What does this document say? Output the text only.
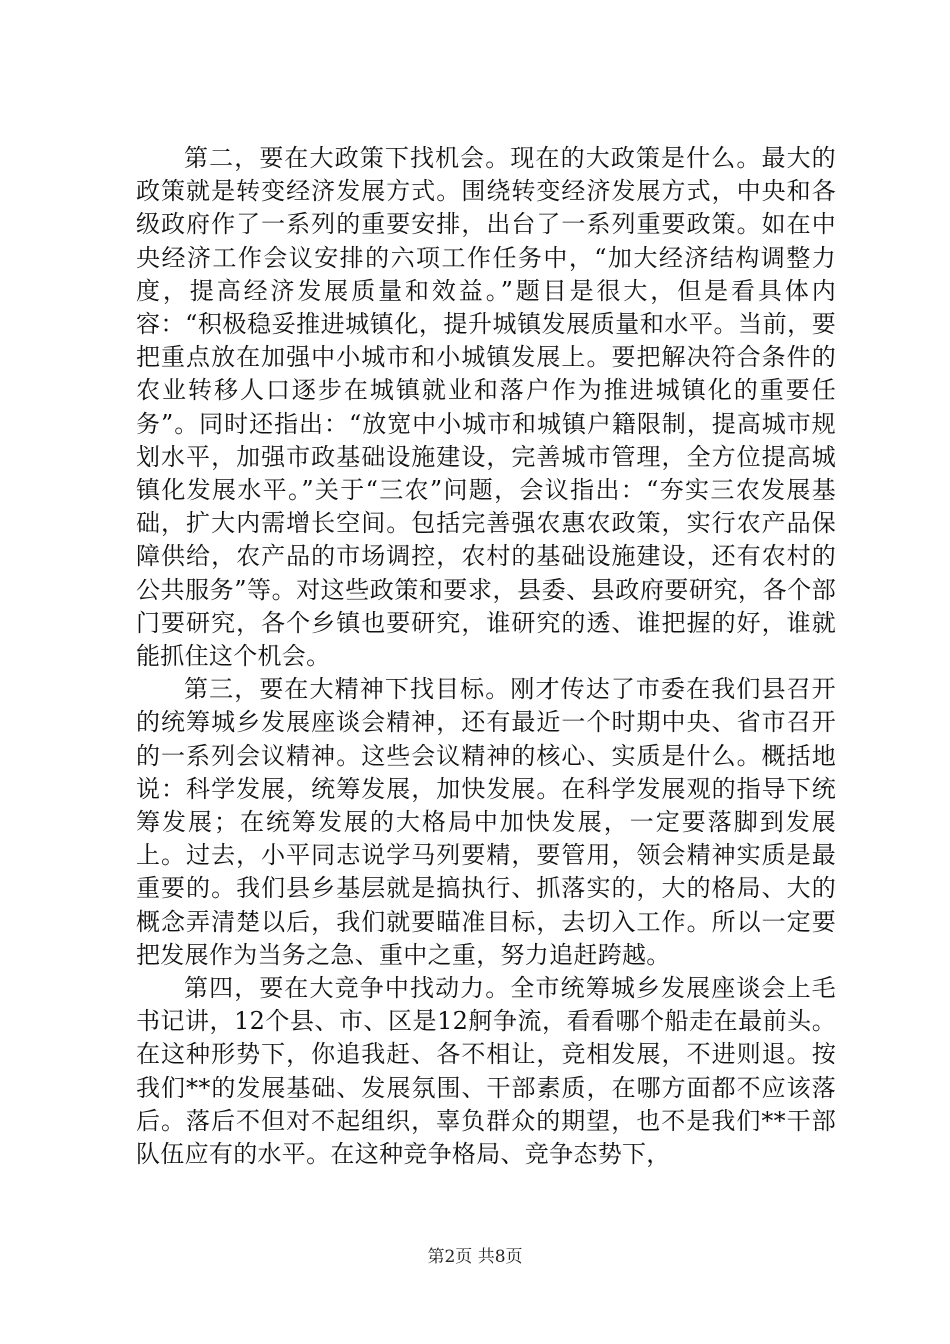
第二，要在大政策下找机会。现在的大政策是什么。最大的政策就是转变经济发展方式。围绕转变经济发展方式，中央和各级政府作了一系列的重要安排，出台了一系列重要政策。如在中央经济工作会议安排的六项工作任务中，“加大经济结构调整力度，提高经济发展质量和效益。”题目是很大，但是看具体内容：“积极稳妥推进城镇化，提升城镇发展质量和水平。当前，要把重点放在加强中小城市和小城镇发展上。要把解决符合条件的农业转移人口逐步在城镇就业和落户作为推进城镇化的重要任务”。同时还指出：“放宽中小城市和城镇户籍限制，提高城市规划水平，加强市政基础设施建设，完善城市管理，全方位提高城镇化发展水平。”关于“三农”问题，会议指出：“夯实三农发展基础，扩大内需增长空间。包括完善强农惠农政策，实行农产品保障供给，农产品的市场调控，农村的基础设施建设，还有农村的公共服务”等。对这些政策和要求，县委、县政府要研究，各个部门要研究，各个乡镇也要研究，谁研究的透、谁把握的好，谁就能抓住这个机会。

第三，要在大精神下找目标。刚才传达了市委在我们县召开的统筹城乡发展座谈会精神，还有最近一个时期中央、省市召开的一系列会议精神。这些会议精神的核心、实质是什么。概括地说：科学发展，统筹发展，加快发展。在科学发展观的指导下统筹发展；在统筹发展的大格局中加快发展，一定要落脚到发展上。过去，小平同志说学马列要精，要管用，领会精神实质是最重要的。我们县乡基层就是搞执行、抓落实的，大的格局、大的概念弄清楚以后，我们就要瞄准目标，去切入工作。所以一定要把发展作为当务之急、重中之重，努力追赶跨越。

第四，要在大竞争中找动力。全市统筹城乡发展座谈会上毛书记讲，12个县、市、区是12舸争流，看看哪个船走在最前头。在这种形势下，你追我赶、各不相让，竞相发展，不进则退。按我们**的发展基础、发展氛围、干部素质，在哪方面都不应该落后。落后不但对不起组织，辜负群众的期望，也不是我们**干部队伍应有的水平。在这种竞争格局、竞争态势下，

第2页 共8页
